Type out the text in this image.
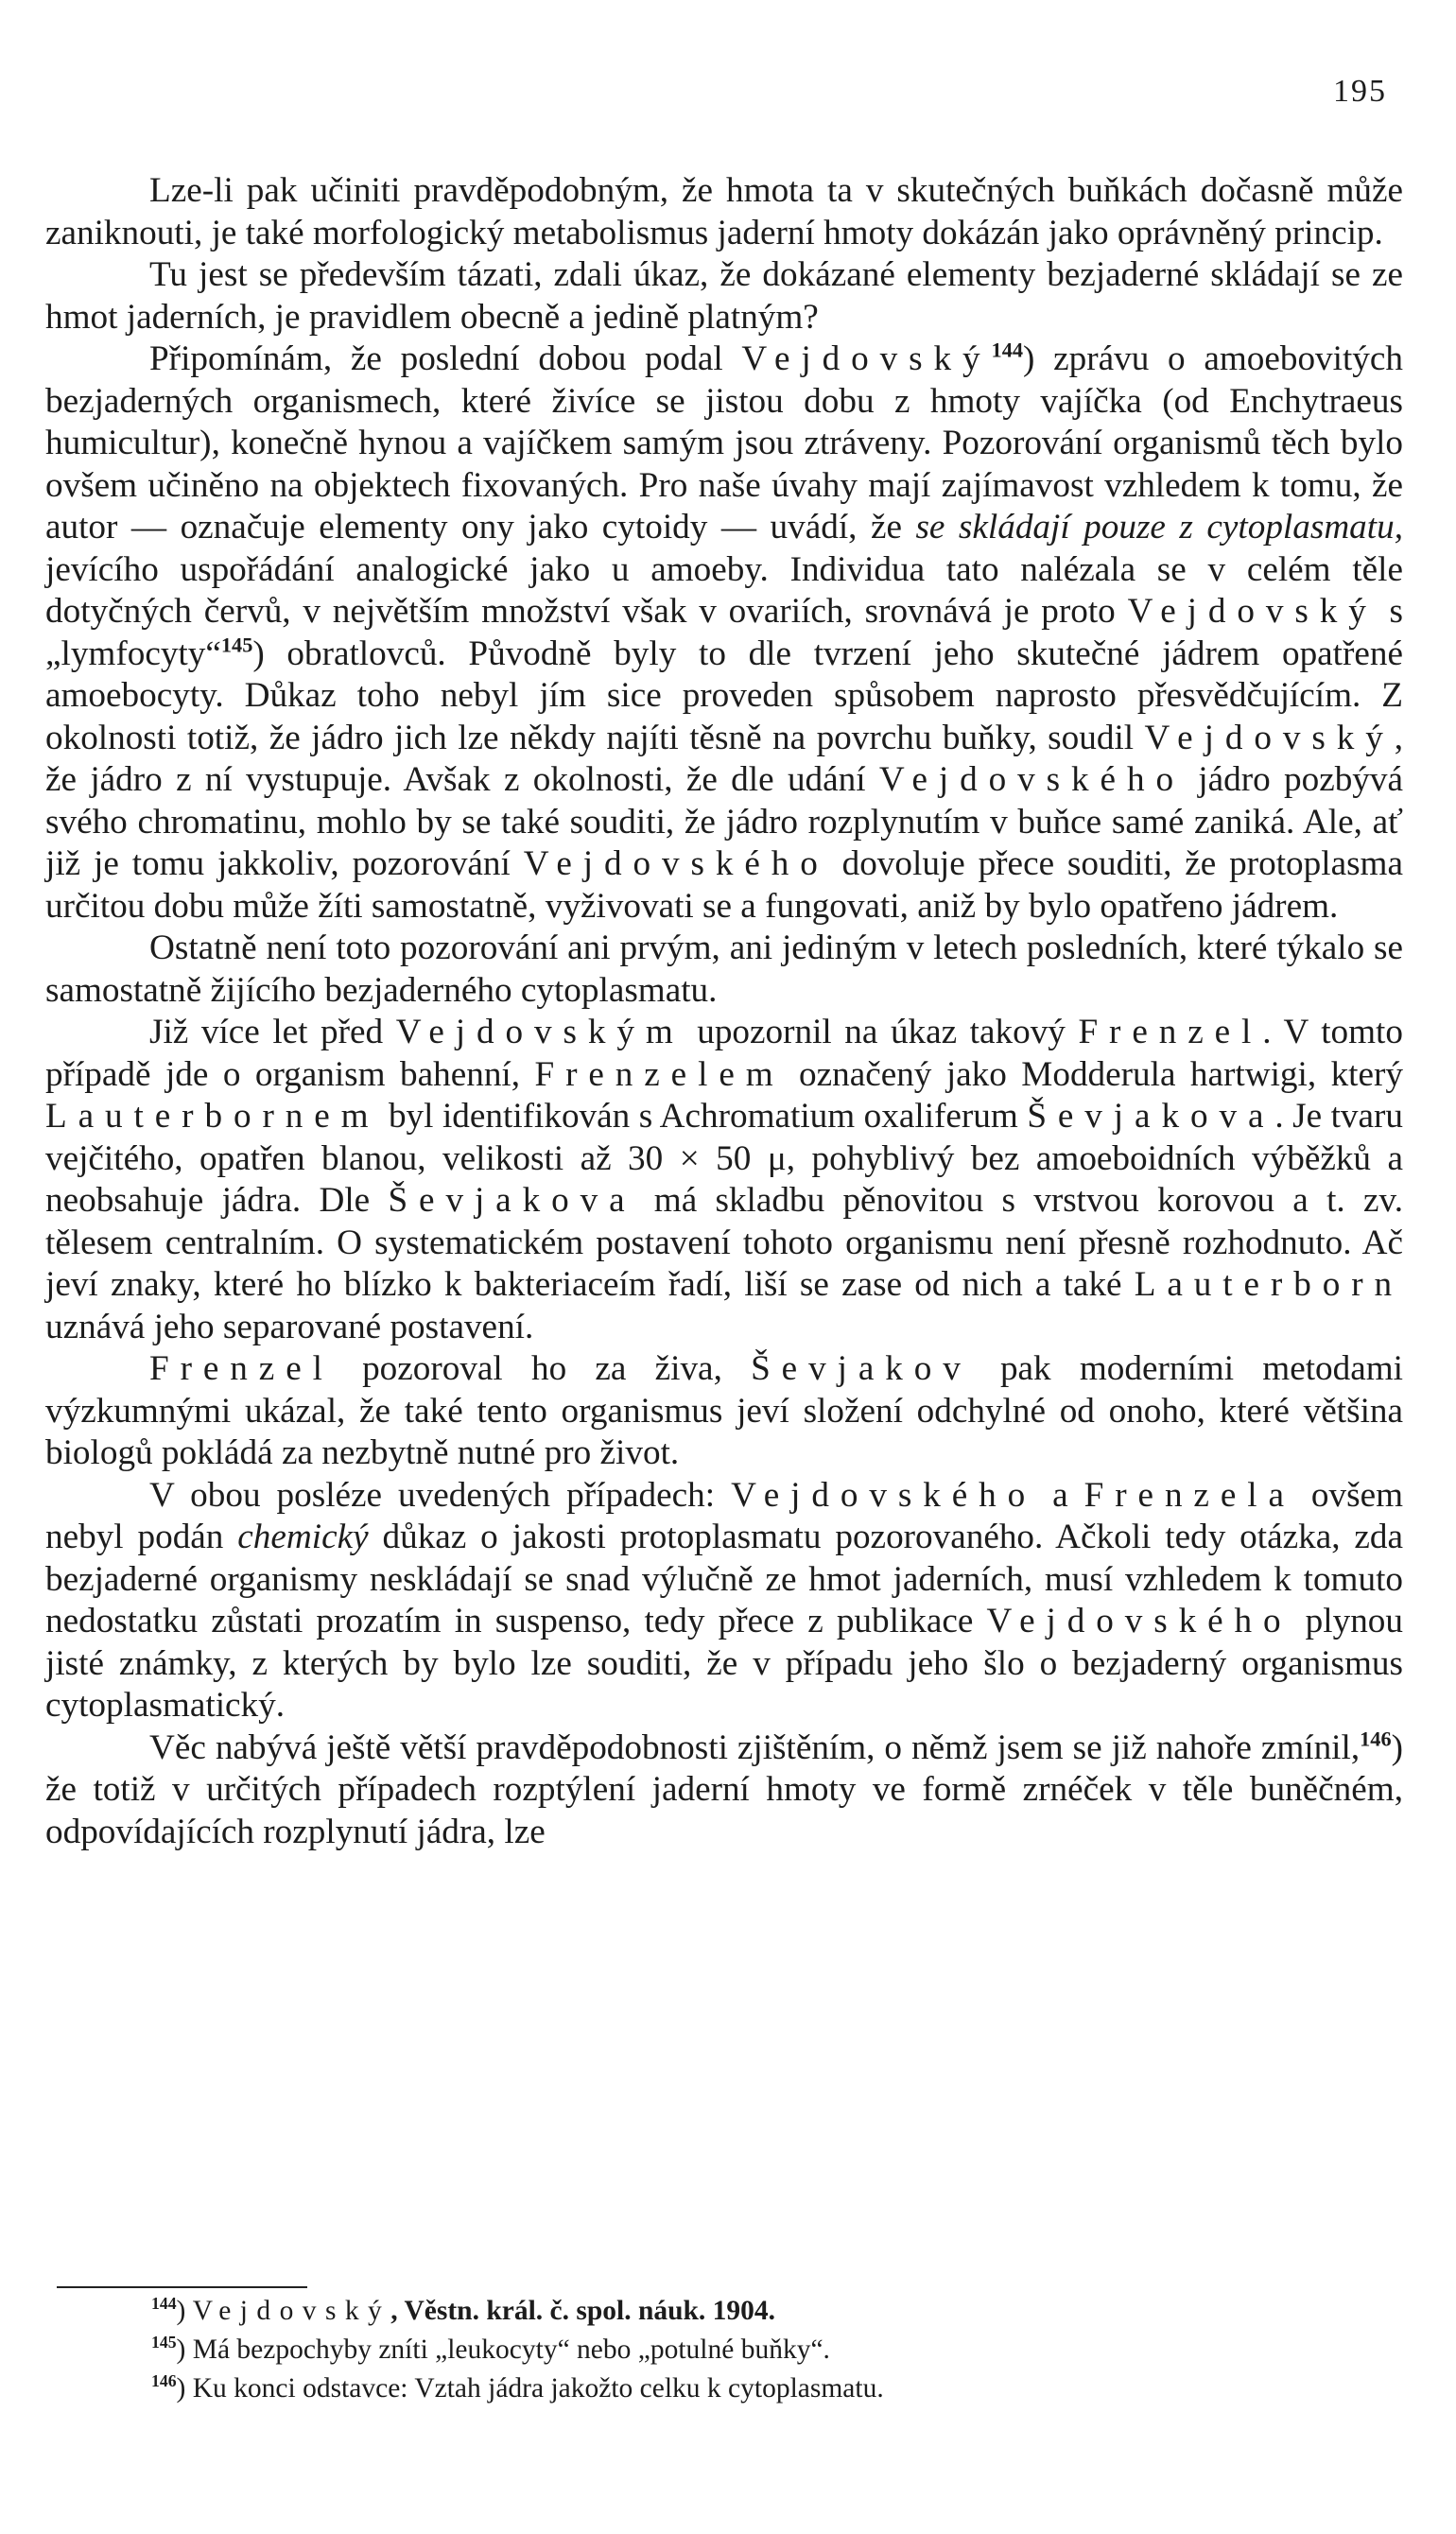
195

Lze-li pak učiniti pravděpodobným, že hmota ta v skutečných buňkách dočasně může zaniknouti, je také morfologický metabolismus jaderní hmoty dokázán jako oprávněný princip.

Tu jest se především tázati, zdali úkaz, že dokázané elementy bezjaderné skládají se ze hmot jaderních, je pravidlem obecně a jedině platným?

Připomínám, že poslední dobou podal Vejdovský$^{144}$) zprávu o amoebovitých bezjaderných organismech, které živíce se jistou dobu z hmoty vajíčka (od Enchytraeus humicultur), konečně hynou a vajíčkem samým jsou ztráveny. Pozorování organismů těch bylo ovšem učiněno na objektech fixovaných. Pro naše úvahy mají zajímavost vzhledem k tomu, že autor — označuje elementy ony jako cytoidy — uvádí, že se skládají pouze z cytoplasmatu, jevícího uspořádání analogické jako u amoeby. Individua tato nalézala se v celém těle dotyčných červů, v největším množství však v ovariích, srovnává je proto Vejdovský s „lymfocyty“$^{145}$) obratlovců. Původně byly to dle tvrzení jeho skutečné jádrem opatřené amoebocyty. Důkaz toho nebyl jím sice proveden spůsobem naprosto přesvědčujícím. Z okolnosti totiž, že jádro jich lze někdy najíti těsně na povrchu buňky, soudil Vejdovský, že jádro z ní vystupuje. Avšak z okolnosti, že dle udání Vejdovského jádro pozbývá svého chromatinu, mohlo by se také souditi, že jádro rozplynutím v buňce samé zaniká. Ale, ať již je tomu jakkoliv, pozorování Vejdovského dovoluje přece souditi, že protoplasma určitou dobu může žíti samostatně, vyživovati se a fungovati, aniž by bylo opatřeno jádrem.

Ostatně není toto pozorování ani prvým, ani jediným v letech posledních, které týkalo se samostatně žijícího bezjaderného cytoplasmatu.

Již více let před Vejdovským upozornil na úkaz takový Frenzel. V tomto případě jde o organism bahenní, Frenzelem označený jako Modderula hartwigi, který Lauterbornem byl identifikován s Achromatium oxaliferum Ševjakova. Je tvaru vejčitého, opatřen blanou, velikosti až 30 × 50 μ, pohyblivý bez amoeboidních výběžků a neobsahuje jádra. Dle Ševjakova má skladbu pěnovitou s vrstvou korovou a t. zv. tělesem centralním. O systematickém postavení tohoto organismu není přesně rozhodnuto. Ač jeví znaky, které ho blízko k bakteriaceím řadí, liší se zase od nich a také Lauterborn uznává jeho separované postavení.

Frenzel pozoroval ho za živa, Ševjakov pak moderními metodami výzkumnými ukázal, že také tento organismus jeví složení odchylné od onoho, které většina biologů pokládá za nezbytně nutné pro život.

V obou posléze uvedených případech: Vejdovského a Frenzela ovšem nebyl podán chemický důkaz o jakosti protoplasmatu pozorovaného. Ačkoli tedy otázka, zda bezjaderné organismy neskládají se snad výlučně ze hmot jaderních, musí vzhledem k tomuto nedostatku zůstati prozatím in suspenso, tedy přece z publikace Vejdovského plynou jisté známky, z kterých by bylo lze souditi, že v případu jeho šlo o bezjaderný organismus cytoplasmatický.

Věc nabývá ještě větší pravděpodobnosti zjištěním, o němž jsem se již nahoře zmínil,$^{146}$) že totiž v určitých případech rozptýlení jaderní hmoty ve formě zrnéček v těle buněčném, odpovídajících rozplynutí jádra, lze

$^{144}$) Vejdovský, Věstn. král. č. spol. náuk. 1904.

$^{145}$) Má bezpochyby zníti „leukocyty“ nebo „potulné buňky“.

$^{146}$) Ku konci odstavce: Vztah jádra jakožto celku k cytoplasmatu.
